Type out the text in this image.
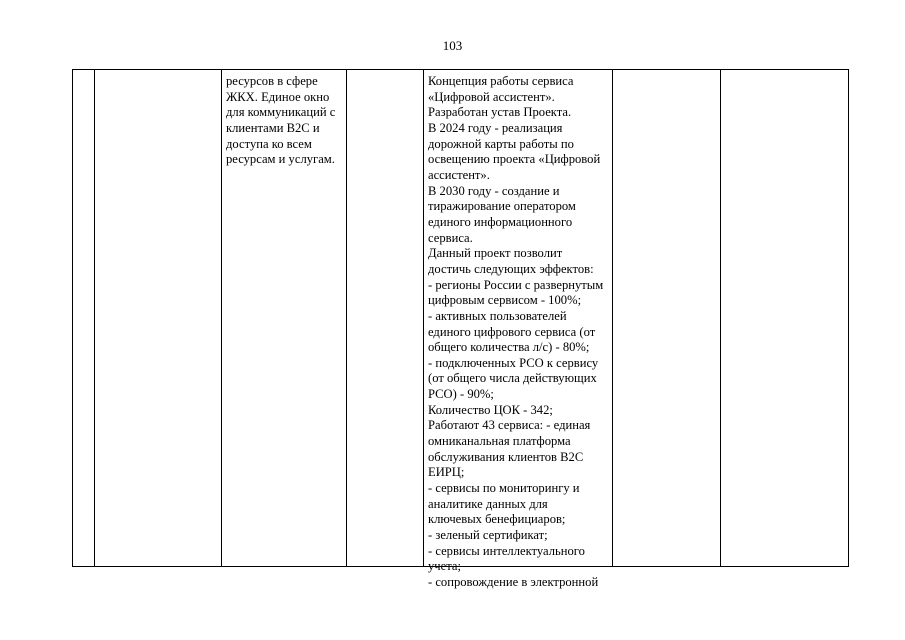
103
ресурсов в сфере
ЖКХ. Единое окно
для коммуникаций с
клиентами B2C и
доступа ко всем
ресурсам и услугам.
Концепция работы сервиса
«Цифровой ассистент».
Разработан устав Проекта.
В 2024 году - реализация
дорожной карты работы по
освещению проекта «Цифровой
ассистент».
В 2030 году - создание и
тиражирование оператором
единого информационного
сервиса.
Данный проект позволит
достичь следующих эффектов:
- регионы России с развернутым
цифровым сервисом - 100%;
- активных пользователей
единого цифрового сервиса (от
общего количества л/с) - 80%;
- подключенных РСО к сервису
(от общего числа действующих
РСО) - 90%;
Количество ЦОК - 342;
Работают 43 сервиса: - единая
омниканальная платформа
обслуживания клиентов B2C
ЕИРЦ;
- сервисы по мониторингу и
аналитике данных для
ключевых бенефициаров;
- зеленый сертификат;
- сервисы интеллектуального
учета;
- сопровождение в электронной
